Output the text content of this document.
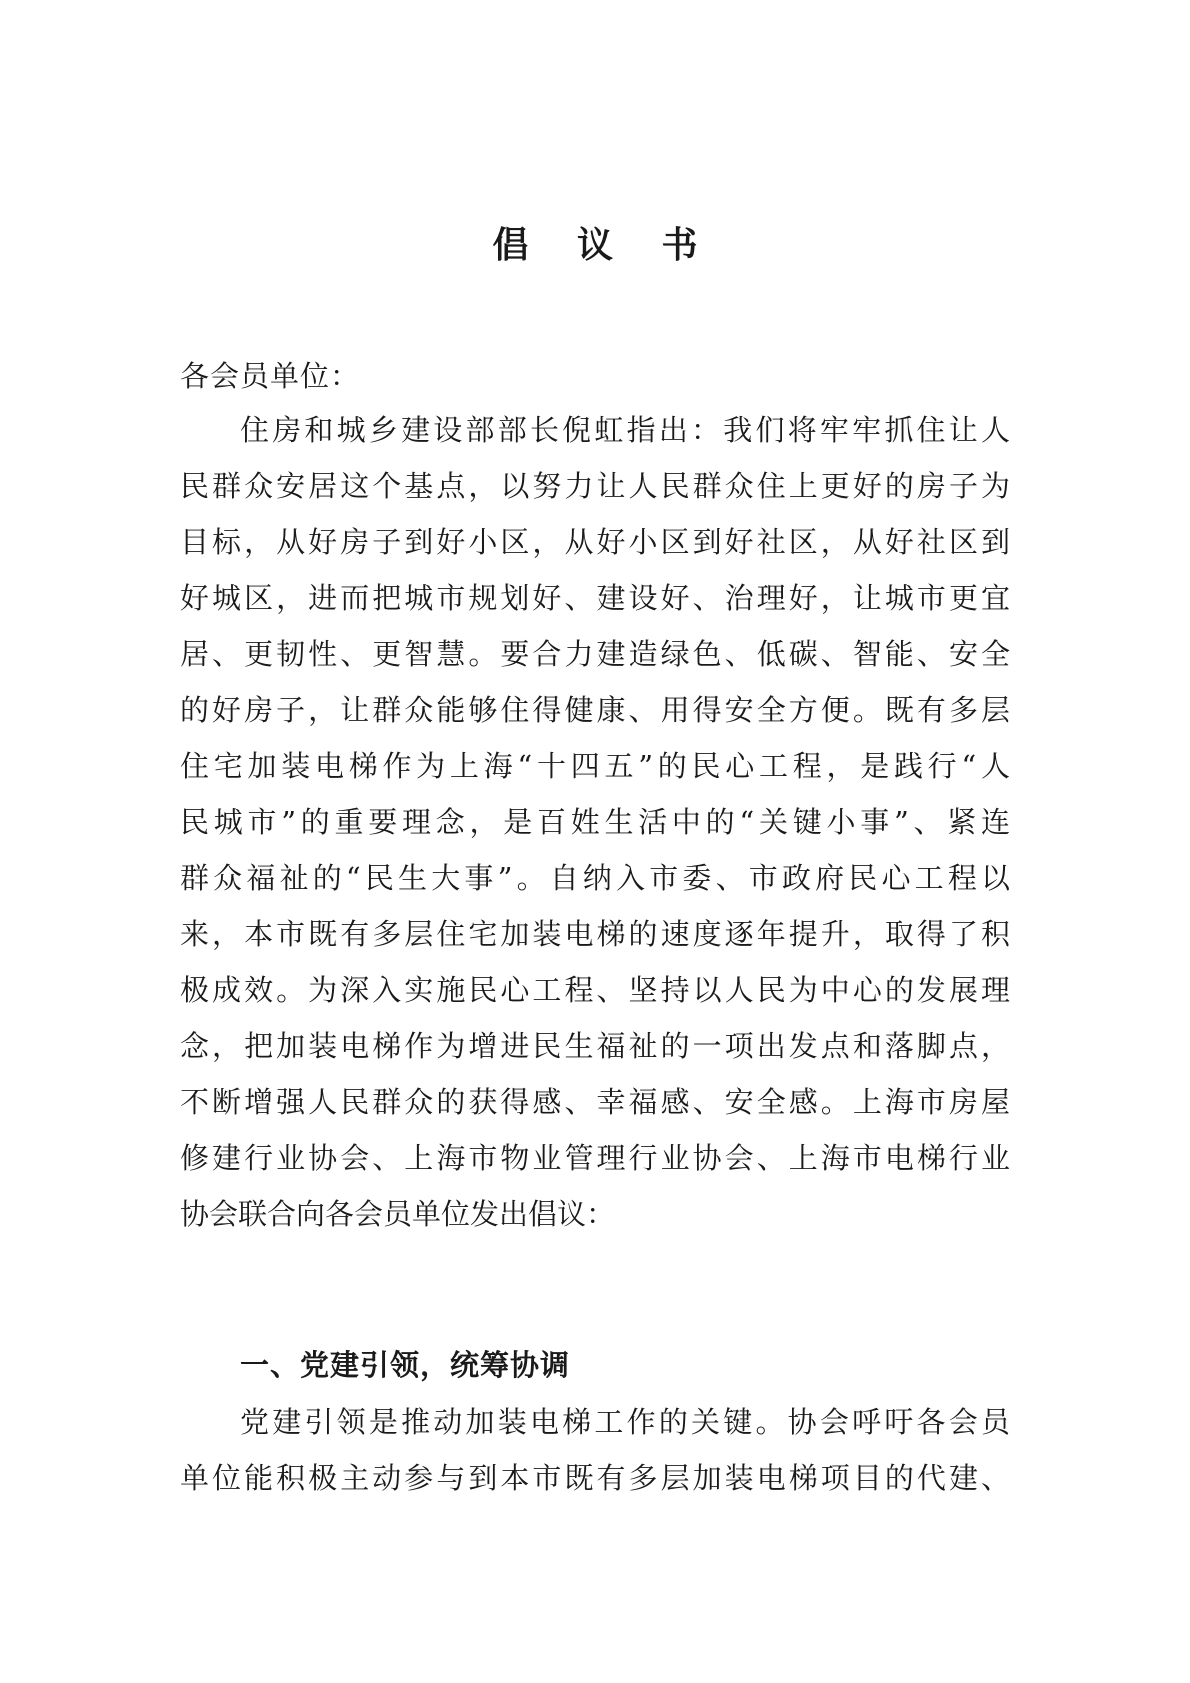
倡 议 书
各会员单位：
住房和城乡建设部部长倪虹指出：我们将牢牢抓住让人
民群众安居这个基点，以努力让人民群众住上更好的房子为
目标，从好房子到好小区，从好小区到好社区，从好社区到
好城区，进而把城市规划好、建设好、治理好，让城市更宜
居、更韧性、更智慧。要合力建造绿色、低碳、智能、安全
的好房子，让群众能够住得健康、用得安全方便。既有多层
住宅加装电梯作为上海“十四五”的民心工程，是践行“人
民城市”的重要理念，是百姓生活中的“关键小事”、紧连
群众福祉的“民生大事”。自纳入市委、市政府民心工程以
来，本市既有多层住宅加装电梯的速度逐年提升，取得了积
极成效。为深入实施民心工程、坚持以人民为中心的发展理
念，把加装电梯作为增进民生福祉的一项出发点和落脚点，
不断增强人民群众的获得感、幸福感、安全感。上海市房屋
修建行业协会、上海市物业管理行业协会、上海市电梯行业
协会联合向各会员单位发出倡议：
一、党建引领，统筹协调
党建引领是推动加装电梯工作的关键。协会呼吁各会员
单位能积极主动参与到本市既有多层加装电梯项目的代建、
